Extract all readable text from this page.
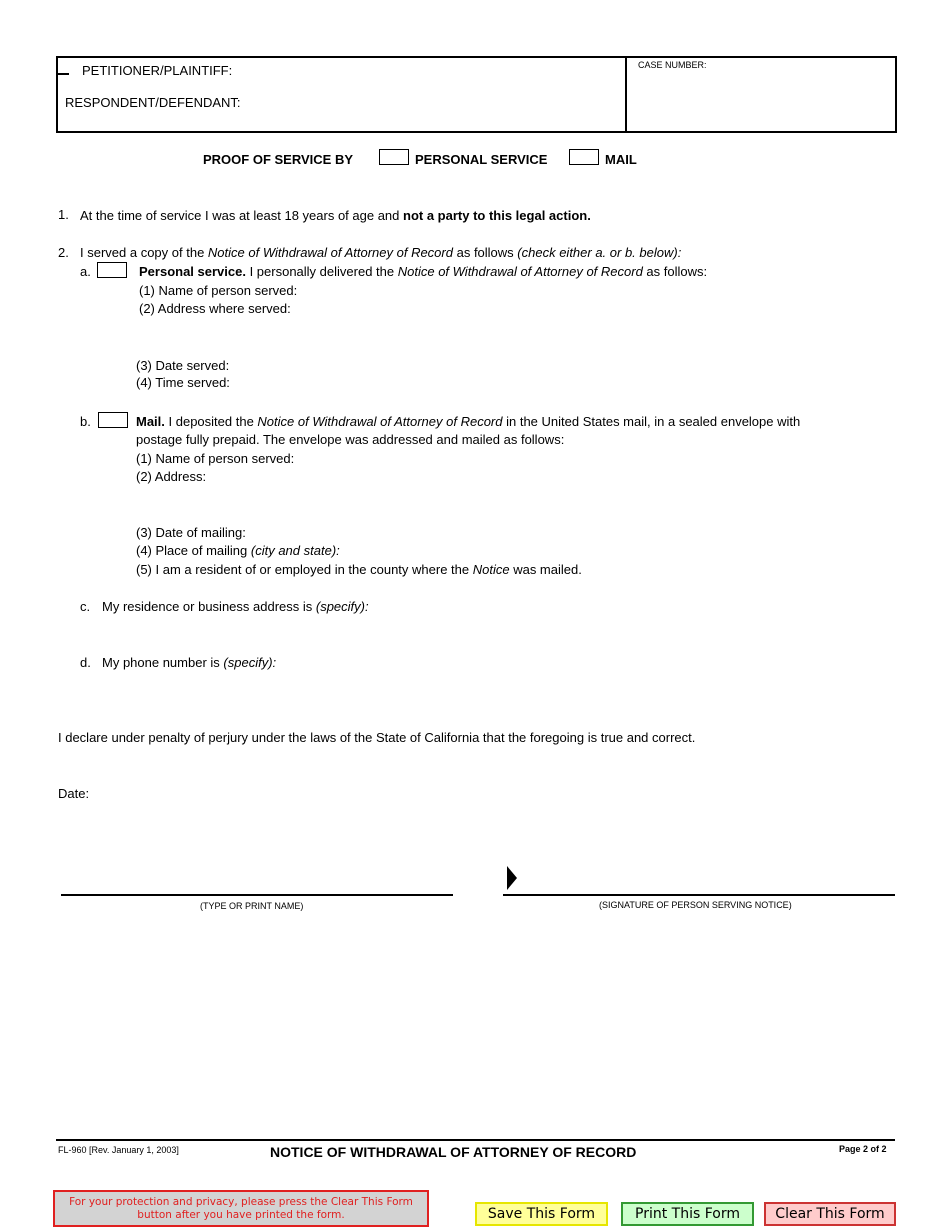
PETITIONER/PLAINTIFF:
RESPONDENT/DEFENDANT:
CASE NUMBER:
PROOF OF SERVICE BY	PERSONAL SERVICE	MAIL
1. At the time of service I was at least 18 years of age and not a party to this legal action.
2. I served a copy of the Notice of Withdrawal of Attorney of Record as follows (check either a. or b. below):
a.	Personal service. I personally delivered the Notice of Withdrawal of Attorney of Record as follows:
(1) Name of person served:
(2) Address where served:
(3) Date served:
(4) Time served:
b.	Mail. I deposited the Notice of Withdrawal of Attorney of Record in the United States mail, in a sealed envelope with
postage fully prepaid. The envelope was addressed and mailed as follows:
(1) Name of person served:
(2) Address:
(3) Date of mailing:
(4) Place of mailing (city and state):
(5) I am a resident of or employed in the county where the Notice was mailed.
c. My residence or business address is (specify):
d. My phone number is (specify):
I declare under penalty of perjury under the laws of the State of California that the foregoing is true and correct.
Date:
(TYPE OR PRINT NAME)	(SIGNATURE OF PERSON SERVING NOTICE)
FL-960 [Rev. January 1, 2003]	NOTICE OF WITHDRAWAL OF ATTORNEY OF RECORD	Page 2 of 2
For your protection and privacy, please press the Clear This Form
button after you have printed the form.	Save This Form	Print This Form	Clear This Form
